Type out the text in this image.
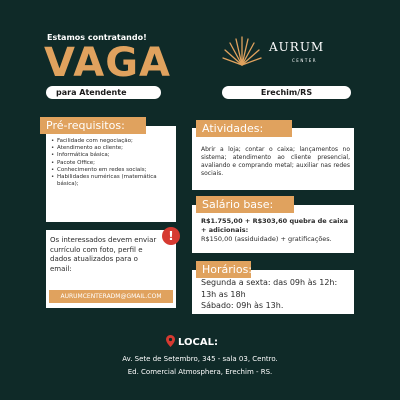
Estamos contratando!
VAGA
para Atendente
AURUM
CENTER
Erechim/RS
Pré-requisitos:
• Facilidade com negociação;
• Atendimento ao cliente;
• Informática básica;
• Pacote Office;
• Conhecimento em redes sociais;
• Habilidades numéricas (matemática básica);
Os interessados devem enviar currículo com foto, perfil e dados atualizados para o email:
!
AURUMCENTERADM@GMAIL.COM
Atividades:
Abrir a loja; contar o caixa; lançamentos no sistema; atendimento ao cliente presencial, avaliando e comprando metal; auxiliar nas redes sociais.
Salário base:
R$1.755,00 + R$303,60 quebra de caixa + adicionais:
R$150,00 (assiduidade) + gratificações.
Horários:
Segunda a sexta: das 09h às 12h: 13h as 18h
Sábado: 09h às 13h.
LOCAL:
Av. Sete de Setembro, 345 - sala 03, Centro.
Ed. Comercial Atmosphera, Erechim - RS.
